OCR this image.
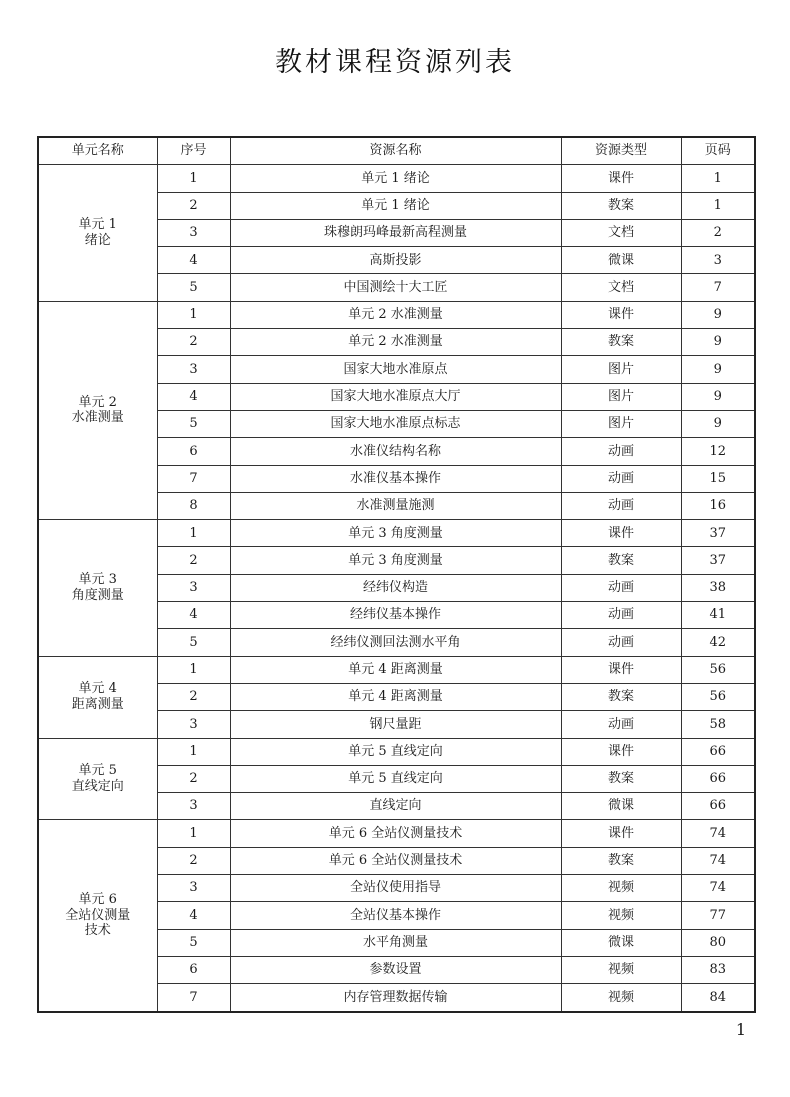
教材课程资源列表
单元名称	序号	资源名称	资源类型	页码

单元 1
绪论	1	单元 1 绪论	课件	1
	2	单元 1 绪论	教案	1
	3	珠穆朗玛峰最新高程测量	文档	2
	4	高斯投影	微课	3
	5	中国测绘十大工匠	文档	7

单元 2
水准测量	1	单元 2 水准测量	课件	9
	2	单元 2 水准测量	教案	9
	3	国家大地水准原点	图片	9
	4	国家大地水准原点大厅	图片	9
	5	国家大地水准原点标志	图片	9
	6	水准仪结构名称	动画	12
	7	水准仪基本操作	动画	15
	8	水准测量施测	动画	16

单元 3
角度测量	1	单元 3 角度测量	课件	37
	2	单元 3 角度测量	教案	37
	3	经纬仪构造	动画	38
	4	经纬仪基本操作	动画	41
	5	经纬仪测回法测水平角	动画	42

单元 4
距离测量	1	单元 4 距离测量	课件	56
	2	单元 4 距离测量	教案	56
	3	钢尺量距	动画	58

单元 5
直线定向	1	单元 5 直线定向	课件	66
	2	单元 5 直线定向	教案	66
	3	直线定向	微课	66

单元 6
全站仪测量
技术	1	单元 6 全站仪测量技术	课件	74
	2	单元 6 全站仪测量技术	教案	74
	3	全站仪使用指导	视频	74
	4	全站仪基本操作	视频	77
	5	水平角测量	微课	80
	6	参数设置	视频	83
	7	内存管理数据传输	视频	84
1
